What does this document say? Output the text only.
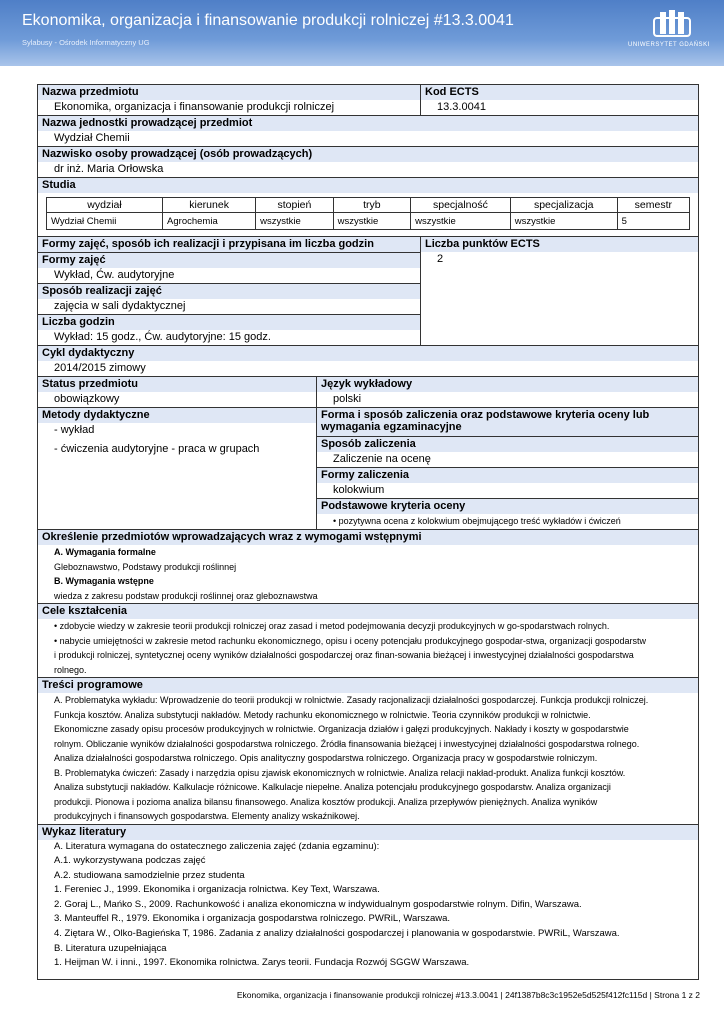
Ekonomika, organizacja i finansowanie produkcji rolniczej #13.3.0041
Sylabusy - Ośrodek Informatyczny UG	UNIWERSYTET GDAŃSKI
Nazwa przedmiotu
Ekonomika, organizacja i finansowanie produkcji rolniczej
Kod ECTS
13.3.0041
Nazwa jednostki prowadzącej przedmiot
Wydział Chemii
Nazwisko osoby prowadzącej (osób prowadzących)
dr inż. Maria Orłowska
Studia
wydział	kierunek	stopień	tryb	specjalność	specjalizacja	semestr
Wydział Chemii	Agrochemia	wszystkie	wszystkie	wszystkie	wszystkie	5
Formy zajęć, sposób ich realizacji i przypisana im liczba godzin
Formy zajęć
Wykład, Ćw. audytoryjne
Sposób realizacji zajęć
zajęcia w sali dydaktycznej
Liczba godzin
Wykład: 15 godz., Ćw. audytoryjne: 15 godz.
Liczba punktów ECTS
2
Cykl dydaktyczny
2014/2015 zimowy
Status przedmiotu
obowiązkowy
Język wykładowy
polski
Metody dydaktyczne
- wykład
- ćwiczenia audytoryjne - praca w grupach
Forma i sposób zaliczenia oraz podstawowe kryteria oceny lub wymagania egzaminacyjne
Sposób zaliczenia
Zaliczenie na ocenę
Formy zaliczenia
kolokwium
Podstawowe kryteria oceny
• pozytywna ocena z kolokwium obejmującego treść wykładów i ćwiczeń
Określenie przedmiotów wprowadzających wraz z wymogami wstępnymi
A. Wymagania formalne
Gleboznawstwo, Podstawy produkcji roślinnej
B. Wymagania wstępne
wiedza z zakresu podstaw produkcji roślinnej oraz gleboznawstwa
Cele kształcenia
• zdobycie wiedzy w zakresie teorii produkcji rolniczej oraz zasad i metod podejmowania decyzji produkcyjnych w go-spodarstwach rolnych.
• nabycie umiejętności w zakresie metod rachunku ekonomicznego, opisu i oceny potencjału produkcyjnego gospodar-stwa, organizacji gospodarstw
i produkcji rolniczej, syntetycznej oceny wyników działalności gospodarczej oraz finan-sowania bieżącej i inwestycyjnej działalności gospodarstwa
rolnego.
Treści programowe
A. Problematyka wykładu: Wprowadzenie do teorii produkcji w rolnictwie. Zasady racjonalizacji działalności gospodarczej. Funkcja produkcji rolniczej.
Funkcja kosztów. Analiza substytucji nakładów. Metody rachunku ekonomicznego w rolnictwie. Teoria czynników produkcji w rolnictwie.
Ekonomiczne zasady opisu procesów produkcyjnych w rolnictwie. Organizacja działów i gałęzi produkcyjnych. Nakłady i koszty w gospodarstwie
rolnym. Obliczanie wyników działalności gospodarstwa rolniczego. Źródła finansowania bieżącej i inwestycyjnej działalności gospodarstwa rolnego.
Analiza działalności gospodarstwa rolniczego. Opis analityczny gospodarstwa rolniczego. Organizacja pracy w gospodarstwie rolniczym.
B. Problematyka ćwiczeń: Zasady i narzędzia opisu zjawisk ekonomicznych w rolnictwie. Analiza relacji nakład-produkt. Analiza funkcji kosztów.
Analiza substytucji nakładów. Kalkulacje różnicowe. Kalkulacje niepełne. Analiza potencjału produkcyjnego gospodarstw. Analiza organizacji
produkcji. Pionowa i pozioma analiza bilansu finansowego. Analiza kosztów produkcji. Analiza przepływów pieniężnych. Analiza wyników
produkcyjnych i finansowych gospodarstwa. Elementy analizy wskaźnikowej.
Wykaz literatury
A. Literatura wymagana do ostatecznego zaliczenia zajęć (zdania egzaminu):
A.1. wykorzystywana podczas zajęć
A.2. studiowana samodzielnie przez studenta
1. Fereniec J., 1999. Ekonomika i organizacja rolnictwa. Key Text, Warszawa.
2. Goraj L., Mańko S., 2009. Rachunkowość i analiza ekonomiczna w indywidualnym gospodarstwie rolnym. Difin, Warszawa.
3. Manteuffel R., 1979. Ekonomika i organizacja gospodarstwa rolniczego. PWRiL, Warszawa.
4. Ziętara W., Olko-Bagieńska T, 1986. Zadania z analizy działalności gospodarczej i planowania w gospodarstwie. PWRiL, Warszawa.
B. Literatura uzupełniająca
1. Heijman W. i inni., 1997. Ekonomika rolnictwa. Zarys teorii. Fundacja Rozwój SGGW Warszawa.
Ekonomika, organizacja i finansowanie produkcji rolniczej #13.3.0041 | 24f1387b8c3c1952e5d525f412fc115d | Strona 1 z 2
